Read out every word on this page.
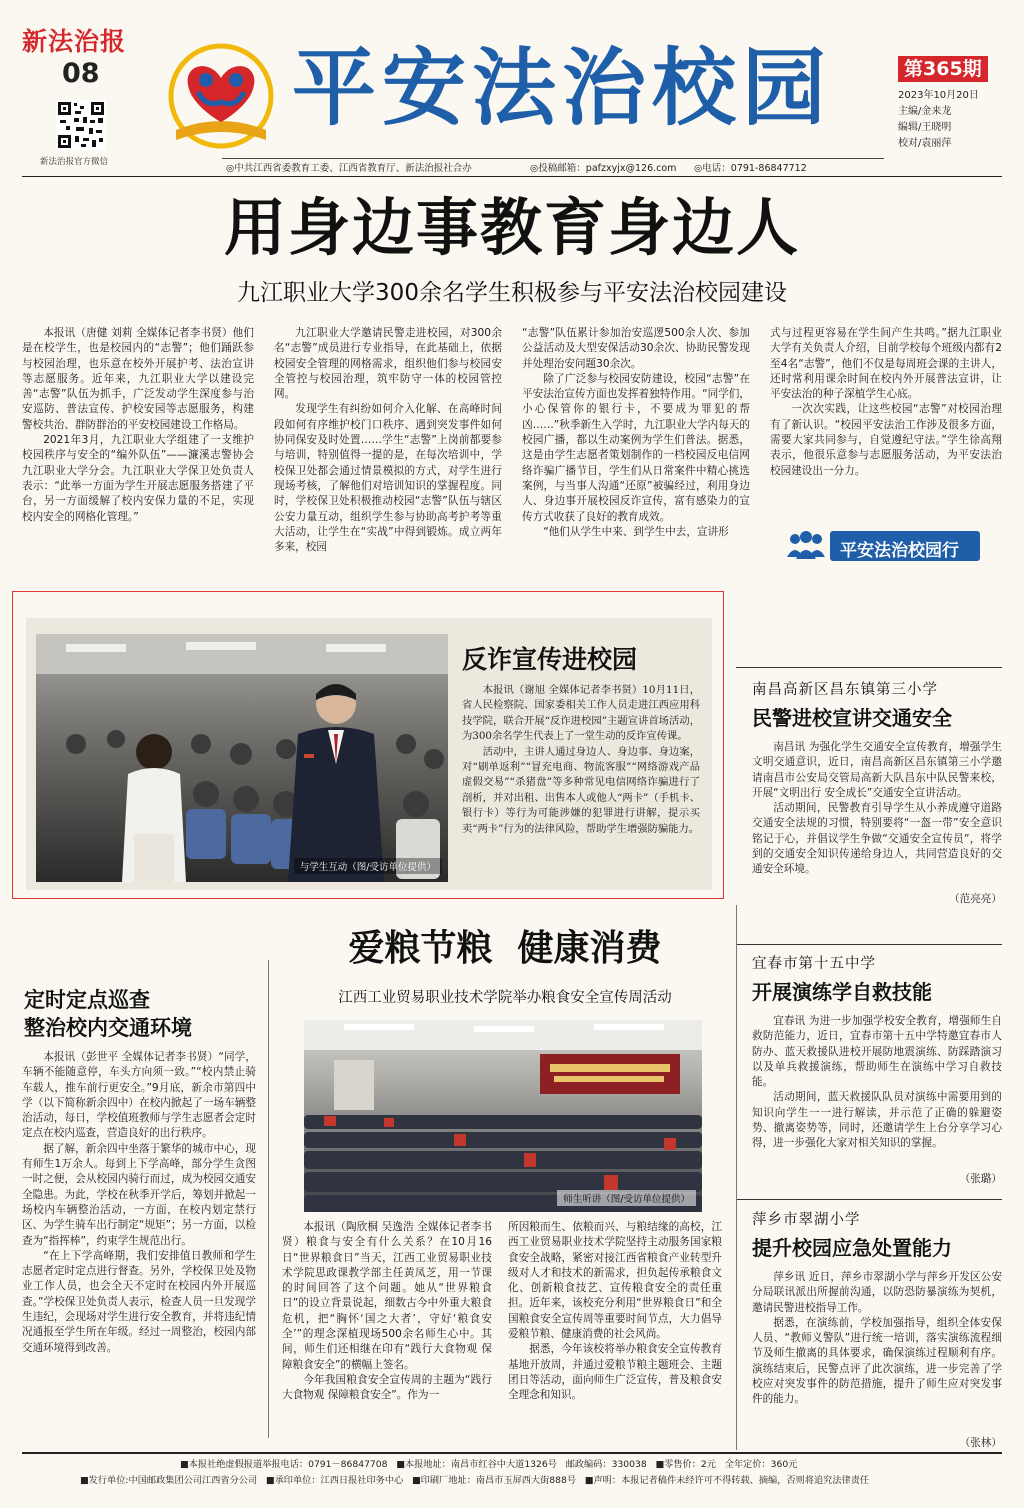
新法治报
08
新法治报官方微信
平安法治校园	第365期
2023年10月20日
主编/金来龙
编辑/王晓明
校对/袁丽萍
◎中共江西省委教育工委、江西省教育厅、新法治报社合办	◎投稿邮箱：pafzxyjx@126.com ◎电话：0791-86847712
用身边事教育身边人
九江职业大学300余名学生积极参与平安法治校园建设

本报讯（唐健 刘莉 全媒体记者李书贤）他们是在校学生，也是校园内的“志警”；他们踊跃参与校园治理，也乐意在校外开展护考、法治宣讲等志愿服务。近年来，九江职业大学以建设完善“志警”队伍为抓手，广泛发动学生深度参与治安巡防、普法宣传、护校安园等志愿服务，构建警校共治、群防群治的平安校园建设工作格局。

2021年3月，九江职业大学组建了一支维护校园秩序与安全的“编外队伍”——濂溪志警协会九江职业大学分会。九江职业大学保卫处负责人表示：“此举一方面为学生开展志愿服务搭建了平台，另一方面缓解了校内安保力量的不足，实现校内安全的网格化管理。”

九江职业大学邀请民警走进校园，对300余名“志警”成员进行专业指导，在此基础上，依据校园安全管理的网格需求，组织他们参与校园安全管控与校园治理，筑牢防守一体的校园管控网。

发现学生有纠纷如何介入化解、在高峰时间段如何有序维护校门口秩序、遇到突发事件如何协同保安及时处置……学生“志警”上岗前都要参与培训，特别值得一提的是，在每次培训中，学校保卫处都会通过情景模拟的方式，对学生进行现场考核，了解他们对培训知识的掌握程度。同时，学校保卫处积极推动校园“志警”队伍与辖区公安力量互动，组织学生参与协助高考护考等重大活动，让学生在“实战”中得到锻炼。成立两年多来，校园

“志警”队伍累计参加治安巡逻500余人次、参加公益活动及大型安保活动30余次、协助民警发现并处理治安问题30余次。

除了广泛参与校园安防建设，校园“志警”在平安法治宣传方面也发挥着独特作用。“同学们，小心保管你的银行卡，不要成为罪犯的帮凶……”秋季新生入学时，九江职业大学内每天的校园广播，都以生动案例为学生们普法。据悉，这是由学生志愿者策划制作的一档校园反电信网络诈骗广播节目，学生们从日常案件中精心挑选案例，与当事人沟通“还原”被骗经过，利用身边人、身边事开展校园反诈宣传，富有感染力的宣传方式收获了良好的教育成效。

“他们从学生中来、到学生中去，宣讲形

式与过程更容易在学生间产生共鸣。”据九江职业大学有关负责人介绍，目前学校每个班级内都有2至4名“志警”，他们不仅是每周班会课的主讲人，还时常利用课余时间在校内外开展普法宣讲，让平安法治的种子深植学生心底。

一次次实践，让这些校园“志警”对校园治理有了新认识。“校园平安法治工作涉及很多方面，需要大家共同参与，自觉遵纪守法。”学生徐高翔表示，他很乐意参与志愿服务活动，为平安法治校园建设出一分力。

平安法治校园行
与学生互动（图/受访单位提供）
反诈宣传进校园

本报讯（谢旭 全媒体记者李书贤）10月11日，省人民检察院、国家委相关工作人员走进江西应用科技学院，联合开展“反诈进校园”主题宣讲首场活动，为300余名学生代表上了一堂生动的反诈宣传课。

活动中，主讲人通过身边人、身边事、身边案，对“刷单返利”“冒充电商、物流客服”“网络游戏产品虚假交易”“杀猪盘”等多种常见电信网络诈骗进行了剖析，并对出租、出售本人或他人“两卡”（手机卡、银行卡）等行为可能涉嫌的犯罪进行讲解，提示买卖“两卡”行为的法律风险，帮助学生增强防骗能力。

南昌高新区昌东镇第三小学
民警进校宣讲交通安全

南昌讯 为强化学生交通安全宣传教育，增强学生文明交通意识，近日，南昌高新区昌东镇第三小学邀请南昌市公安局交管局高新大队昌东中队民警来校，开展“文明出行 安全成长”交通安全宣讲活动。

活动期间，民警教育引导学生从小养成遵守道路交通安全法规的习惯，特别要将“一盔一带”安全意识铭记于心，并倡议学生争做“交通安全宣传员”，将学到的交通安全知识传递给身边人，共同营造良好的交通安全环境。

（范亮亮）
宜春市第十五中学
开展演练学自救技能

宜春讯 为进一步加强学校安全教育，增强师生自救防范能力，近日，宜春市第十五中学特邀宜春市人防办、蓝天救援队进校开展防地震演练、防踩踏演习以及单兵救援演练，帮助师生在演练中学习自救技能。

活动期间，蓝天救援队队员对演练中需要用到的知识向学生一一进行解读，并示范了正确的躲避姿势、撤离姿势等，同时，还邀请学生上台分享学习心得，进一步强化大家对相关知识的掌握。

（张璐）
萍乡市翠湖小学
提升校园应急处置能力

萍乡讯 近日，萍乡市翠湖小学与萍乡开发区公安分局联讯派出所握前沟通，以防恐防暴演练为契机，邀请民警进校指导工作。

据悉，在演练前，学校加强指导，组织全体安保人员、“教师义警队”进行统一培训，落实演练流程细节及师生撤离的具体要求，确保演练过程顺利有序。演练结束后，民警点评了此次演练，进一步完善了学校应对突发事件的防范措施，提升了师生应对突发事件的能力。

（张林）
爱粮节粮  健康消费
江西工业贸易职业技术学院举办粮食安全宣传周活动
师生听讲（图/受访单位提供）

本报讯（陶欣桐 吴逸浩 全媒体记者李书贤）粮食与安全有什么关系？在10月16日“世界粮食日”当天，江西工业贸易职业技术学院思政课教学部主任黄凤芝，用一节课的时间回答了这个问题。她从“世界粮食日”的设立背景说起，细数古今中外重大粮食危机，把“胸怀‘国之大者’，守好‘粮食安全’”的理念深植现场500余名师生心中。其间，师生们还相继在印有“践行大食物观 保障粮食安全”的横幅上签名。

今年我国粮食安全宣传周的主题为“践行大食物观 保障粮食安全”。作为一

所因粮而生、依粮而兴、与粮结缘的高校，江西工业贸易职业技术学院坚持主动服务国家粮食安全战略，紧密对接江西省粮食产业转型升级对人才和技术的新需求，担负起传承粮食文化、创新粮食技艺、宣传粮食安全的责任重担。近年来，该校充分利用“世界粮食日”和全国粮食安全宣传周等重要时间节点，大力倡导爱粮节粮、健康消费的社会风尚。

据悉，今年该校将举办粮食安全宣传教育基地开放周，并通过爱粮节粮主题班会、主题团日等活动，面向师生广泛宣传，普及粮食安全理念和知识。

定时定点巡查
整治校内交通环境

本报讯（彭世平 全媒体记者李书贤）“同学，车辆不能随意停，车头方向须一致。”“校内禁止骑车载人，推车前行更安全。”9月底，新余市第四中学（以下简称新余四中）在校内掀起了一场车辆整治活动，每日，学校值班教师与学生志愿者会定时定点在校内巡查，营造良好的出行秩序。

据了解，新余四中坐落于繁华的城市中心，现有师生1万余人。每到上下学高峰，部分学生贪图一时之便，会从校园内骑行而过，成为校园交通安全隐患。为此，学校在秋季开学后，筹划并掀起一场校内车辆整治活动，一方面，在校内划定禁行区、为学生骑车出行制定“规矩”；另一方面，以检查为“指挥棒”，约束学生规范出行。

“在上下学高峰期，我们安排值日教师和学生志愿者定时定点进行督查。另外，学校保卫处及物业工作人员，也会全天不定时在校园内外开展巡查。”学校保卫处负责人表示，检查人员一旦发现学生违纪，会现场对学生进行安全教育，并将违纪情况通报至学生所在年级。经过一周整治，校园内部交通环境得到改善。

■本报社绝虚假报道举报电话：0791－86847708 ■本报地址：南昌市红谷中大道1326号 邮政编码：330038 ■零售价：2元 全年定价：360元
■发行单位:中国邮政集团公司江西省分公司 ■承印单位：江西日报社印务中心 ■印刷厂地址：南昌市玉屏西大街888号 ■声明：本报记者稿件未经许可不得转载、摘编，否则将追究法律责任
